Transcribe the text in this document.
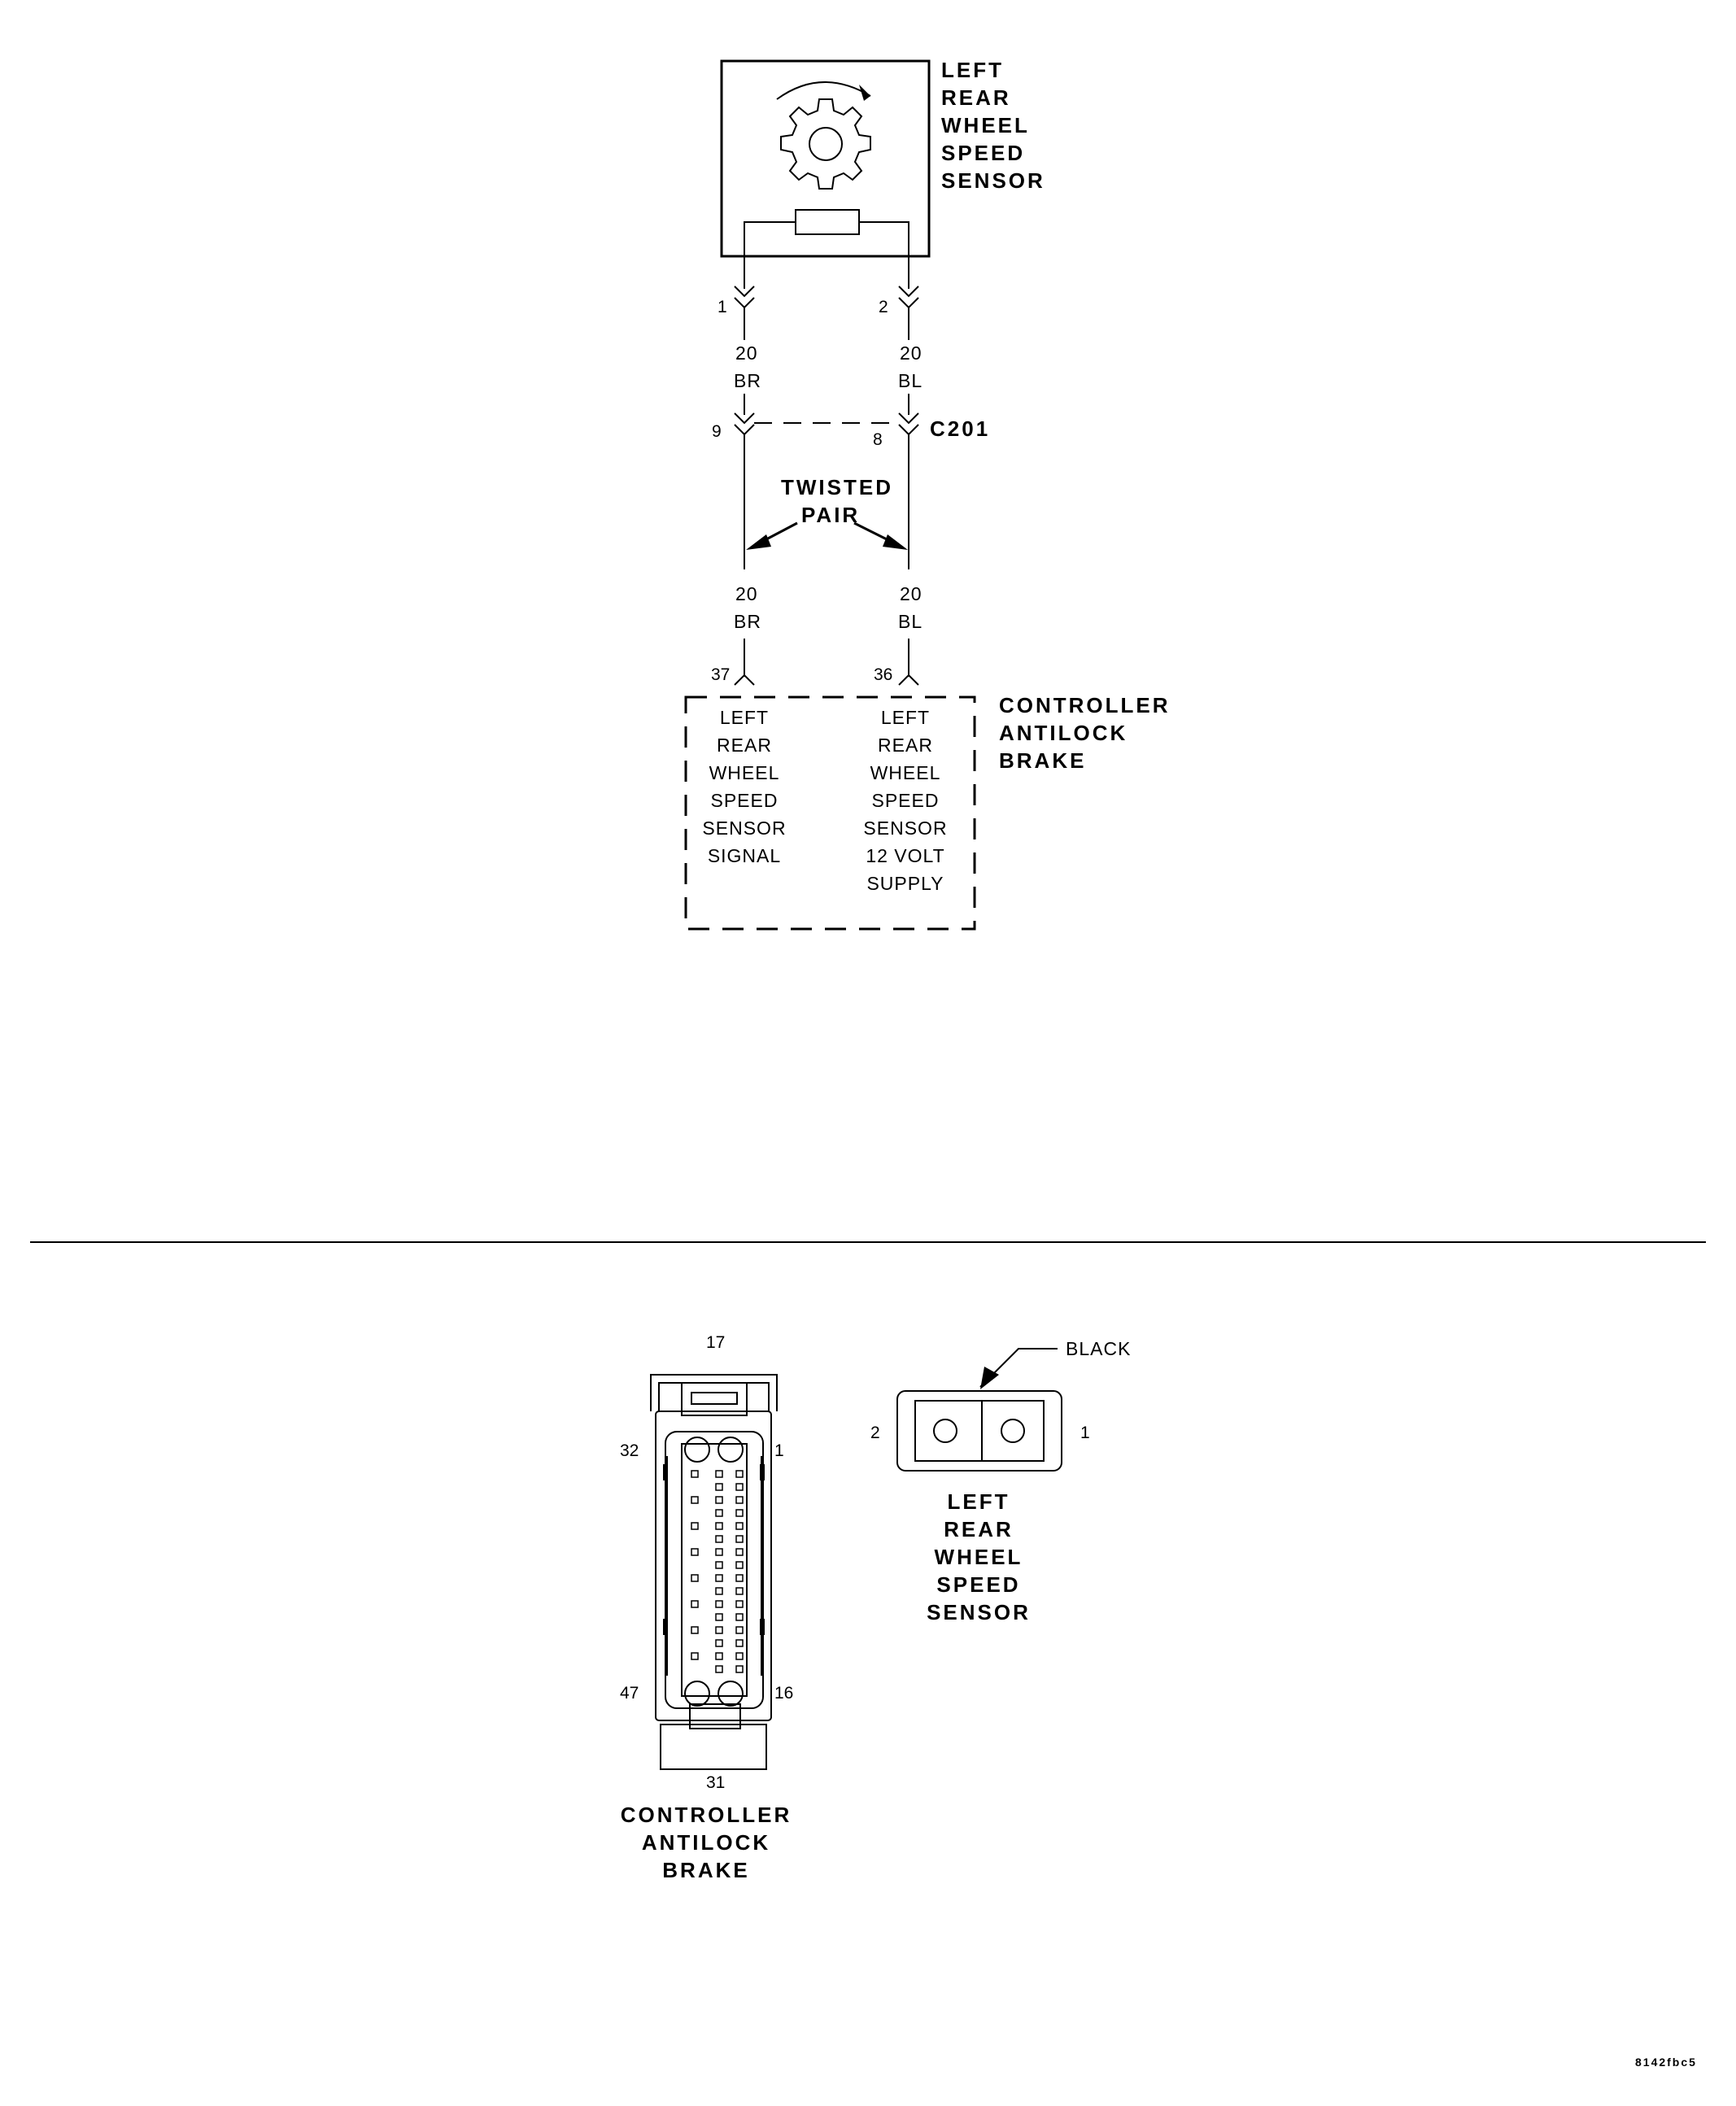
LEFT
REAR
WHEEL
SPEED
SENSOR
1	2
20
BR
20
BL
9	8 C201
TWISTED
PAIR
20
BR
20
BL
37	36
CONTROLLER
ANTILOCK
BRAKE
LEFT
REAR
WHEEL
SPEED
SENSOR
SIGNAL
LEFT
REAR
WHEEL
SPEED
SENSOR
12 VOLT
SUPPLY
17
32	1
47	16
31
CONTROLLER
ANTILOCK
BRAKE
BLACK
2	1
LEFT
REAR
WHEEL
SPEED
SENSOR
8142fbc5
